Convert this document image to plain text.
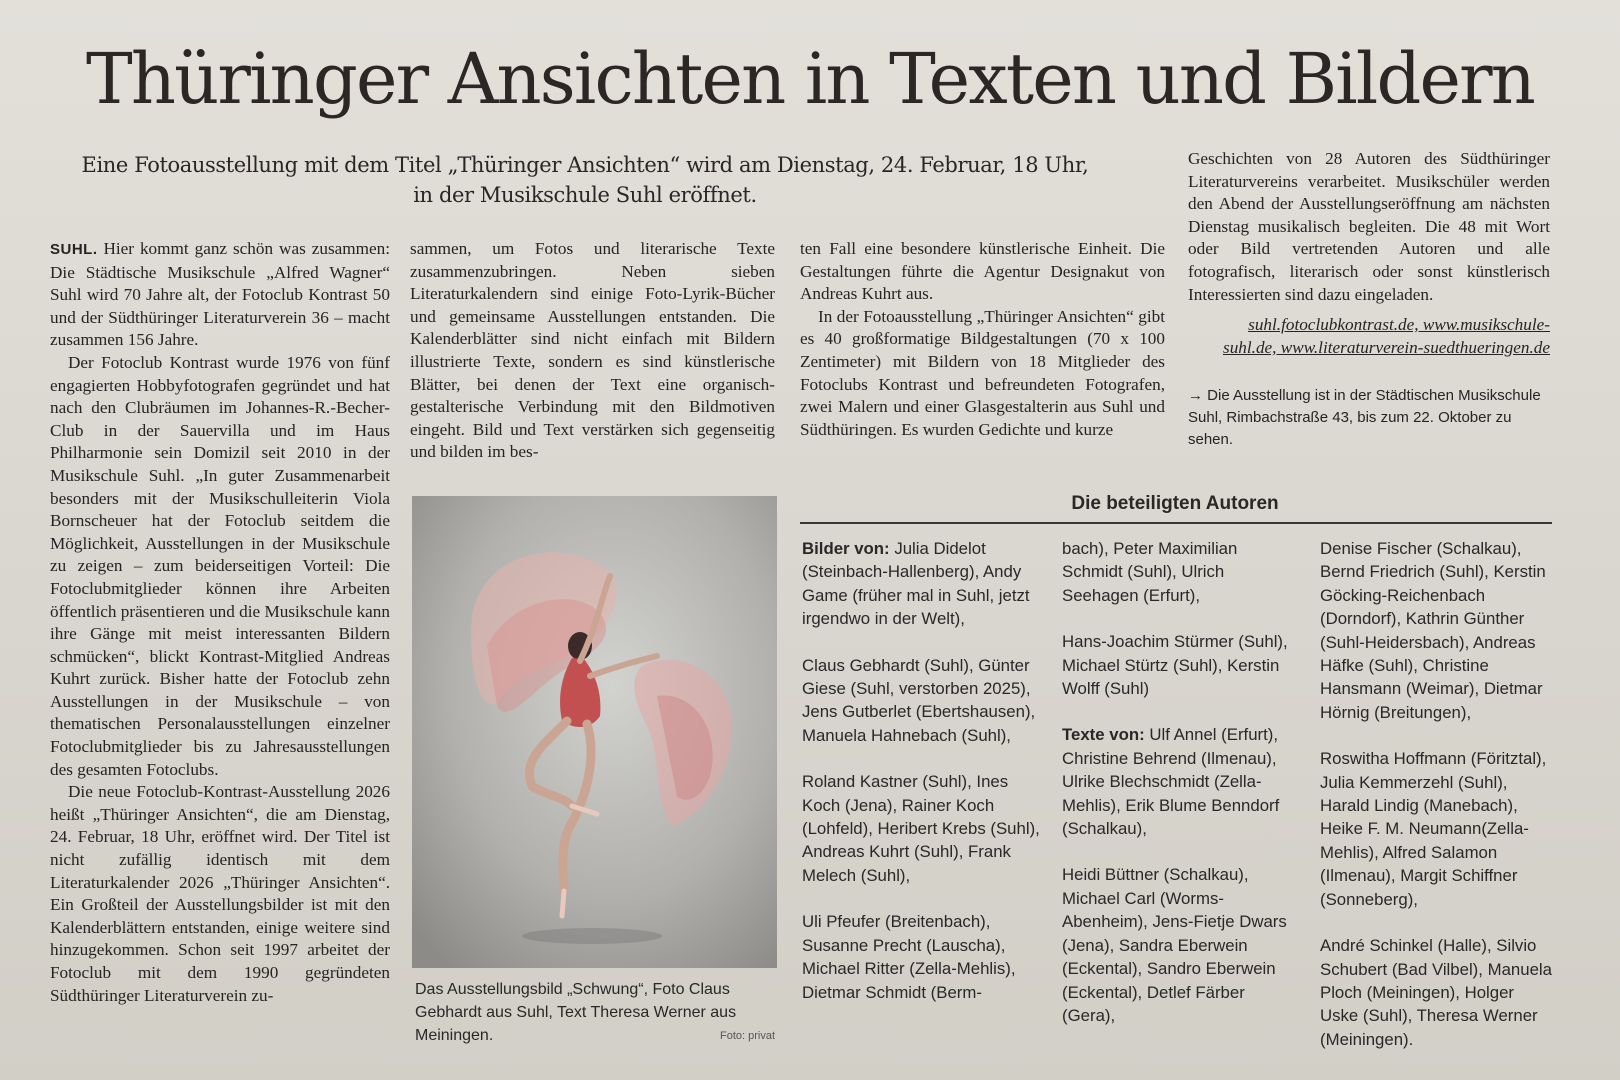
Thüringer Ansichten in Texten und Bildern
Eine Fotoausstellung mit dem Titel „Thüringer Ansichten“ wird am Dienstag, 24. Februar, 18 Uhr,
in der Musikschule Suhl eröffnet.

SUHL. Hier kommt ganz schön was zusammen: Die Städtische Musikschule „Alfred Wagner“ Suhl wird 70 Jahre alt, der Fotoclub Kontrast 50 und der Südthüringer Literaturverein 36 – macht zusammen 156 Jahre.

Der Fotoclub Kontrast wurde 1976 von fünf engagierten Hobbyfotografen gegründet und hat nach den Clubräumen im Johannes-R.-Becher-Club in der Sauervilla und im Haus Philharmonie sein Domizil seit 2010 in der Musikschule Suhl. „In guter Zusammenarbeit besonders mit der Musikschulleiterin Viola Bornscheuer hat der Fotoclub seitdem die Möglichkeit, Ausstellungen in der Musikschule zu zeigen – zum beiderseitigen Vorteil: Die Fotoclubmitglieder können ihre Arbeiten öffentlich präsentieren und die Musikschule kann ihre Gänge mit meist interessanten Bildern schmücken“, blickt Kontrast-Mitglied Andreas Kuhrt zurück. Bisher hatte der Fotoclub zehn Ausstellungen in der Musikschule – von thematischen Personalausstellungen einzelner Fotoclubmitglieder bis zu Jahresausstellungen des gesamten Fotoclubs.

Die neue Fotoclub-Kontrast-Ausstellung 2026 heißt „Thüringer Ansichten“, die am Dienstag, 24. Februar, 18 Uhr, eröffnet wird. Der Titel ist nicht zufällig identisch mit dem Literaturkalender 2026 „Thüringer Ansichten“. Ein Großteil der Ausstellungsbilder ist mit den Kalenderblättern entstanden, einige weitere sind hinzugekommen. Schon seit 1997 arbeitet der Fotoclub mit dem 1990 gegründeten Südthüringer Literaturverein zu-

sammen, um Fotos und literarische Texte zusammenzubringen. Neben sieben Literaturkalendern sind einige Foto-Lyrik-Bücher und gemeinsame Ausstellungen entstanden. Die Kalenderblätter sind nicht einfach mit Bildern illustrierte Texte, sondern es sind künstlerische Blätter, bei denen der Text eine organisch-gestalterische Verbindung mit den Bildmotiven eingeht. Bild und Text verstärken sich gegenseitig und bilden im bes-

ten Fall eine besondere künstlerische Einheit. Die Gestaltungen führte die Agentur Designakut von Andreas Kuhrt aus.

In der Fotoausstellung „Thüringer Ansichten“ gibt es 40 großformatige Bildgestaltungen (70 x 100 Zentimeter) mit Bildern von 18 Mitglieder des Fotoclubs Kontrast und befreundeten Fotografen, zwei Malern und einer Glasgestalterin aus Suhl und Südthüringen. Es wurden Gedichte und kurze

Geschichten von 28 Autoren des Südthüringer Literaturvereins verarbeitet. Musikschüler werden den Abend der Ausstellungseröffnung am nächsten Dienstag musikalisch begleiten. Die 48 mit Wort oder Bild vertretenden Autoren und alle fotografisch, literarisch oder sonst künstlerisch Interessierten sind dazu eingeladen.

suhl.fotoclubkontrast.de, www.musikschule-
suhl.de, www.literaturverein-suedthueringen.de

→ Die Ausstellung ist in der Städtischen Musikschule Suhl, Rimbachstraße 43, bis zum 22. Oktober zu sehen.

Das Ausstellungsbild „Schwung“, Foto Claus Gebhardt aus Suhl, Text Theresa Werner aus Meiningen.	Foto: privat
Die beteiligten Autoren

Bilder von: Julia Didelot (Steinbach-Hallenberg), Andy Game (früher mal in Suhl, jetzt irgendwo in der Welt),

Claus Gebhardt (Suhl), Günter Giese (Suhl, verstorben 2025), Jens Gutberlet (Ebertshausen), Manuela Hahnebach (Suhl),

Roland Kastner (Suhl), Ines Koch (Jena), Rainer Koch (Lohfeld), Heribert Krebs (Suhl), Andreas Kuhrt (Suhl), Frank Melech (Suhl),

Uli Pfeufer (Breitenbach), Susanne Precht (Lauscha), Michael Ritter (Zella-Mehlis), Dietmar Schmidt (Berm-

bach), Peter Maximilian Schmidt (Suhl), Ulrich Seehagen (Erfurt),

Hans-Joachim Stürmer (Suhl), Michael Stürtz (Suhl), Kerstin Wolff (Suhl)

Texte von: Ulf Annel (Erfurt), Christine Behrend (Ilmenau), Ulrike Blechschmidt (Zella-Mehlis), Erik Blume Benndorf (Schalkau),

Heidi Büttner (Schalkau), Michael Carl (Worms-Abenheim), Jens-Fietje Dwars (Jena), Sandra Eberwein (Eckental), Sandro Eberwein (Eckental), Detlef Färber (Gera),

Denise Fischer (Schalkau), Bernd Friedrich (Suhl), Kerstin Göcking-Reichenbach (Dorndorf), Kathrin Günther (Suhl-Heidersbach), Andreas Häfke (Suhl), Christine Hansmann (Weimar), Dietmar Hörnig (Breitungen),

Roswitha Hoffmann (Föritztal), Julia Kemmerzehl (Suhl), Harald Lindig (Manebach), Heike F. M. Neumann(Zella-Mehlis), Alfred Salamon (Ilmenau), Margit Schiffner (Sonneberg),

André Schinkel (Halle), Silvio Schubert (Bad Vilbel), Manuela Ploch (Meiningen), Holger Uske (Suhl), Theresa Werner (Meiningen).
